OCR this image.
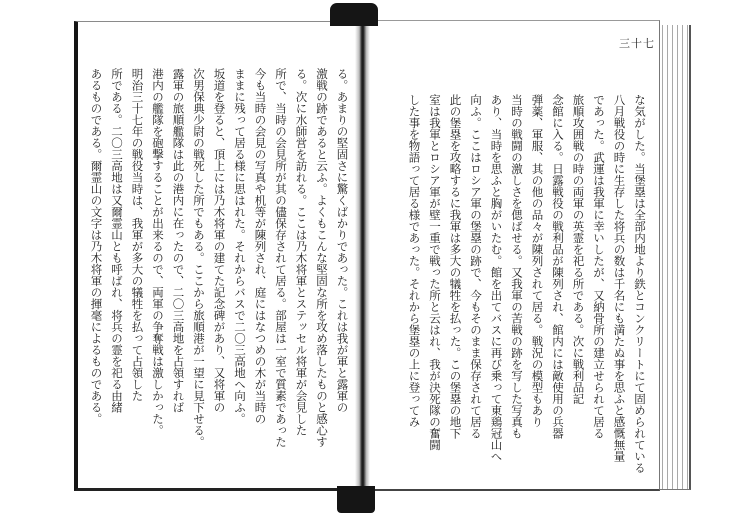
三十七
な気がした。当堡塁は全部内地より鉄とコンクリートにて固められている
八月戦役の時に生存した将兵の数は千名にも満たぬ事を思ふと感慨無量
であった。武運は我軍に幸いしたが、又納骨所の建立せられて居る
旅順攻囲戦の時の両軍の英霊を祀る所である。次に戦利品記
念館に入る。日露戦役の戦利品が陳列され、館内には敵使用の兵器
弾薬、軍服、其の他の品々が陳列されて居る。戦況の模型もあり
当時の戦闘の激しさを偲ばせる。又我軍の苦戦の跡を写した写真も
あり、当時を思ふと胸がいたむ。館を出てバスに再び乗って東鶏冠山へ
向ふ。ここはロシア軍の堡塁の跡で、今もそのまま保存されて居る
此の堡塁を攻略するに我軍は多大の犠牲を払った。この堡塁の地下
室は我軍とロシア軍が壁一重で戦った所と云はれ、我が決死隊の奮闘
した事を物語って居る様であった。それから堡塁の上に登ってみ
る。あまりの堅固さに驚くばかりであった。これは我が軍と露軍の
激戦の跡であると云ふ。よくもこんな堅固な所を攻め落したものと感心す
る。次に水師営を訪れる。ここは乃木将軍とステッセル将軍が会見した
所で、当時の会見所が其の儘保存されて居る。部屋は一室で質素であった
今も当時の会見の写真や机等が陳列され、庭にはなつめの木が当時の
ままに残って居る様に思はれた。それからバスで二〇三高地へ向ふ。
坂道を登ると、頂上には乃木将軍の建てた記念碑があり、又将軍の
次男保典少尉の戦死した所でもある。ここから旅順港が一望に見下せる。
露軍の旅順艦隊は此の港内に在ったので、二〇三高地を占領すれば
港内の艦隊を砲撃することが出来るので、両軍の争奪戦は激しかった。
明治三十七年の戦役当時は、我軍が多大の犠牲を払って占領した
所である。二〇三高地は又爾霊山とも呼ばれ、将兵の霊を祀る由緒
あるものである。爾霊山の文字は乃木将軍の揮毫によるものである。
